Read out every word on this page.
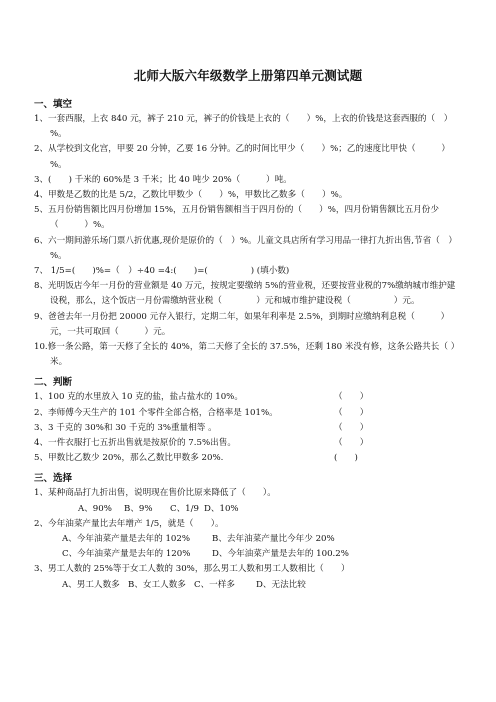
北师大版六年级数学上册第四单元测试题
一、填空

1、一套西服，上衣 840 元，裤子 210 元，裤子的价钱是上衣的（　　）%，上衣的价钱是这套西服的（　）%。

2、从学校到文化宫，甲要 20 分钟，乙要 16 分钟。乙的时间比甲少（　　）%；乙的速度比甲快（　　　）%。

3、(　　) 千米的 60%是 3 千米；比 40 吨少 20%（　　　）吨。

4、甲数是乙数的比是 5/2，乙数比甲数少（　　）%，甲数比乙数多（　　）%。

5、五月份销售额比四月份增加 15%，五月份销售额相当于四月份的（　　）%，四月份销售额比五月份少（　　　）%。

6、六一期间游乐场门票八折优惠,现价是原价的（　）%。儿童文具店所有学习用品一律打九折出售,节省（　）%。

7、 1/5=(　　)%=（　）÷40 =4:(　　)=(　　　　　) (填小数)

8、光明饭店今年一月份的营业额是 40 万元，按规定要缴纳 5%的营业税，还要按营业税的7%缴纳城市维护建设税，那么，这个饭店一月份需缴纳营业税（　　　　）元和城市维护建设税（　　　　　）元。

9、爸爸去年一月份把 20000 元存入银行，定期二年，如果年利率是 2.5%，到期时应缴纳利息税（　　　）元，一共可取回（　　　）元。

10.修一条公路，第一天修了全长的 40%，第二天修了全长的 37.5%，还剩 180 米没有修，这条公路共长（ ）米。

二、判断

1、100 克的水里放入 10 克的盐，盐占盐水的 10%。	（　　）

2、李师傅今天生产的 101 个零件全部合格，合格率是 101%。	（　　）

3、3 千克的 30%和 30 千克的 3%重量相等 。	（　　）

4、一件衣服打七五折出售就是按原价的 7.5%出售。	（　　）

5、甲数比乙数少 20%，那么乙数比甲数多 20%.	(　　)

三、选择

1、某种商品打九折出售，说明现在售价比原来降低了（　　）。

A、90% B、9% C、1/9 D、10%

2、今年油菜产量比去年增产 1/5，就是（　　）。

A、今年油菜产量是去年的 102%	B、去年油菜产量比今年少 20%

C、今年油菜产量是去年的 120%	D、今年油菜产量是去年的 100.2%

3、男工人数的 25%等于女工人数的 30%，那么男工人数和男工人数相比（　　）

A、男工人数多 B、女工人数多 C、一样多 D、无法比较
